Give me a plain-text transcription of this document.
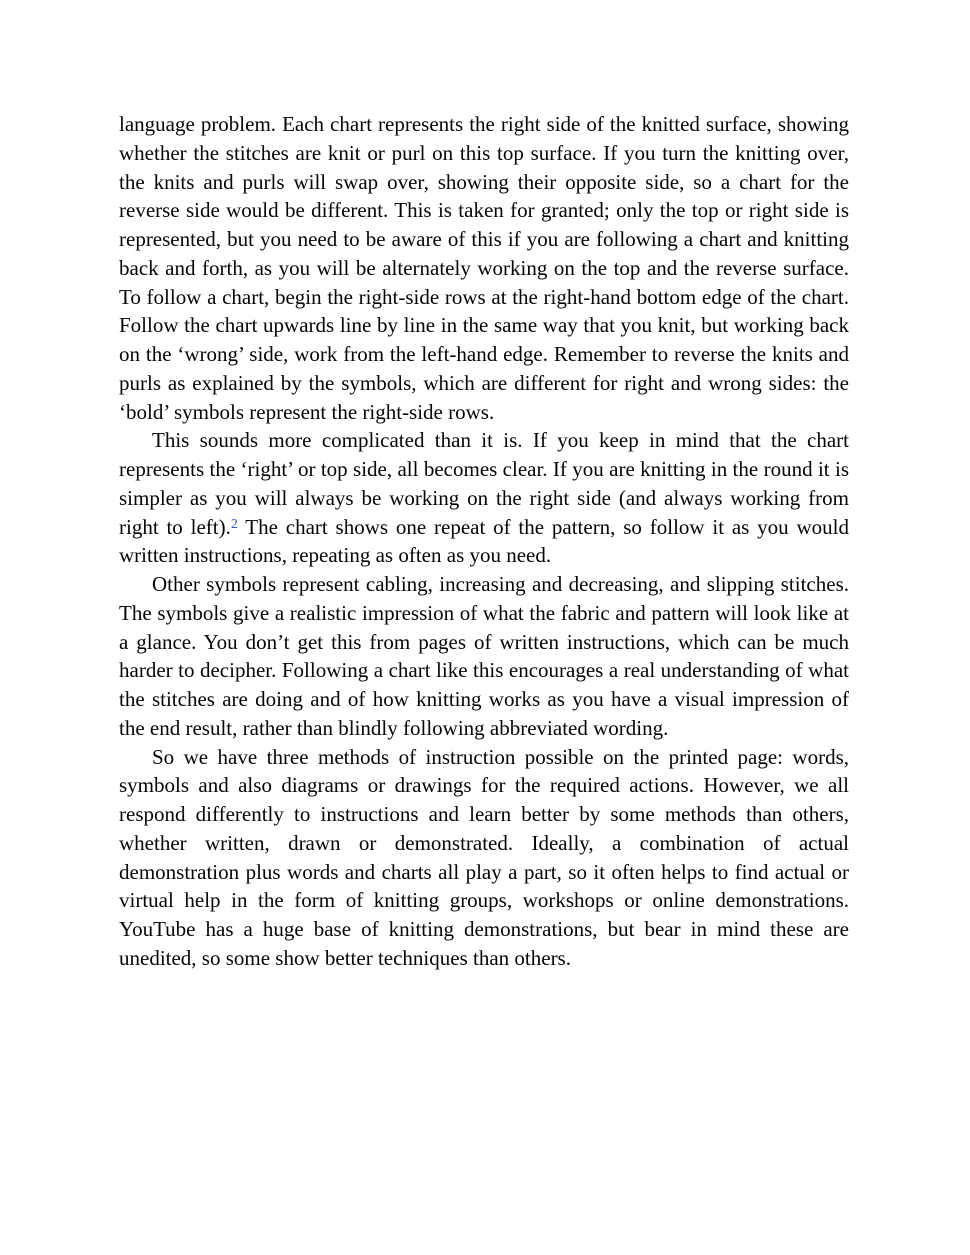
language problem. Each chart represents the right side of the knitted surface, showing whether the stitches are knit or purl on this top surface. If you turn the knitting over, the knits and purls will swap over, showing their opposite side, so a chart for the reverse side would be different. This is taken for granted; only the top or right side is represented, but you need to be aware of this if you are following a chart and knitting back and forth, as you will be alternately working on the top and the reverse surface. To follow a chart, begin the right-side rows at the right-hand bottom edge of the chart. Follow the chart upwards line by line in the same way that you knit, but working back on the ‘wrong’ side, work from the left-hand edge. Remember to reverse the knits and purls as explained by the symbols, which are different for right and wrong sides: the ‘bold’ symbols represent the right-side rows.

This sounds more complicated than it is. If you keep in mind that the chart represents the ‘right’ or top side, all becomes clear. If you are knitting in the round it is simpler as you will always be working on the right side (and always working from right to left).$^2$ The chart shows one repeat of the pattern, so follow it as you would written instructions, repeating as often as you need.

Other symbols represent cabling, increasing and decreasing, and slipping stitches. The symbols give a realistic impression of what the fabric and pattern will look like at a glance. You don’t get this from pages of written instructions, which can be much harder to decipher. Following a chart like this encourages a real understanding of what the stitches are doing and of how knitting works as you have a visual impression of the end result, rather than blindly following abbreviated wording.

So we have three methods of instruction possible on the printed page: words, symbols and also diagrams or drawings for the required actions. However, we all respond differently to instructions and learn better by some methods than others, whether written, drawn or demonstrated. Ideally, a combination of actual demonstration plus words and charts all play a part, so it often helps to find actual or virtual help in the form of knitting groups, workshops or online demonstrations. YouTube has a huge base of knitting demonstrations, but bear in mind these are unedited, so some show better techniques than others.
